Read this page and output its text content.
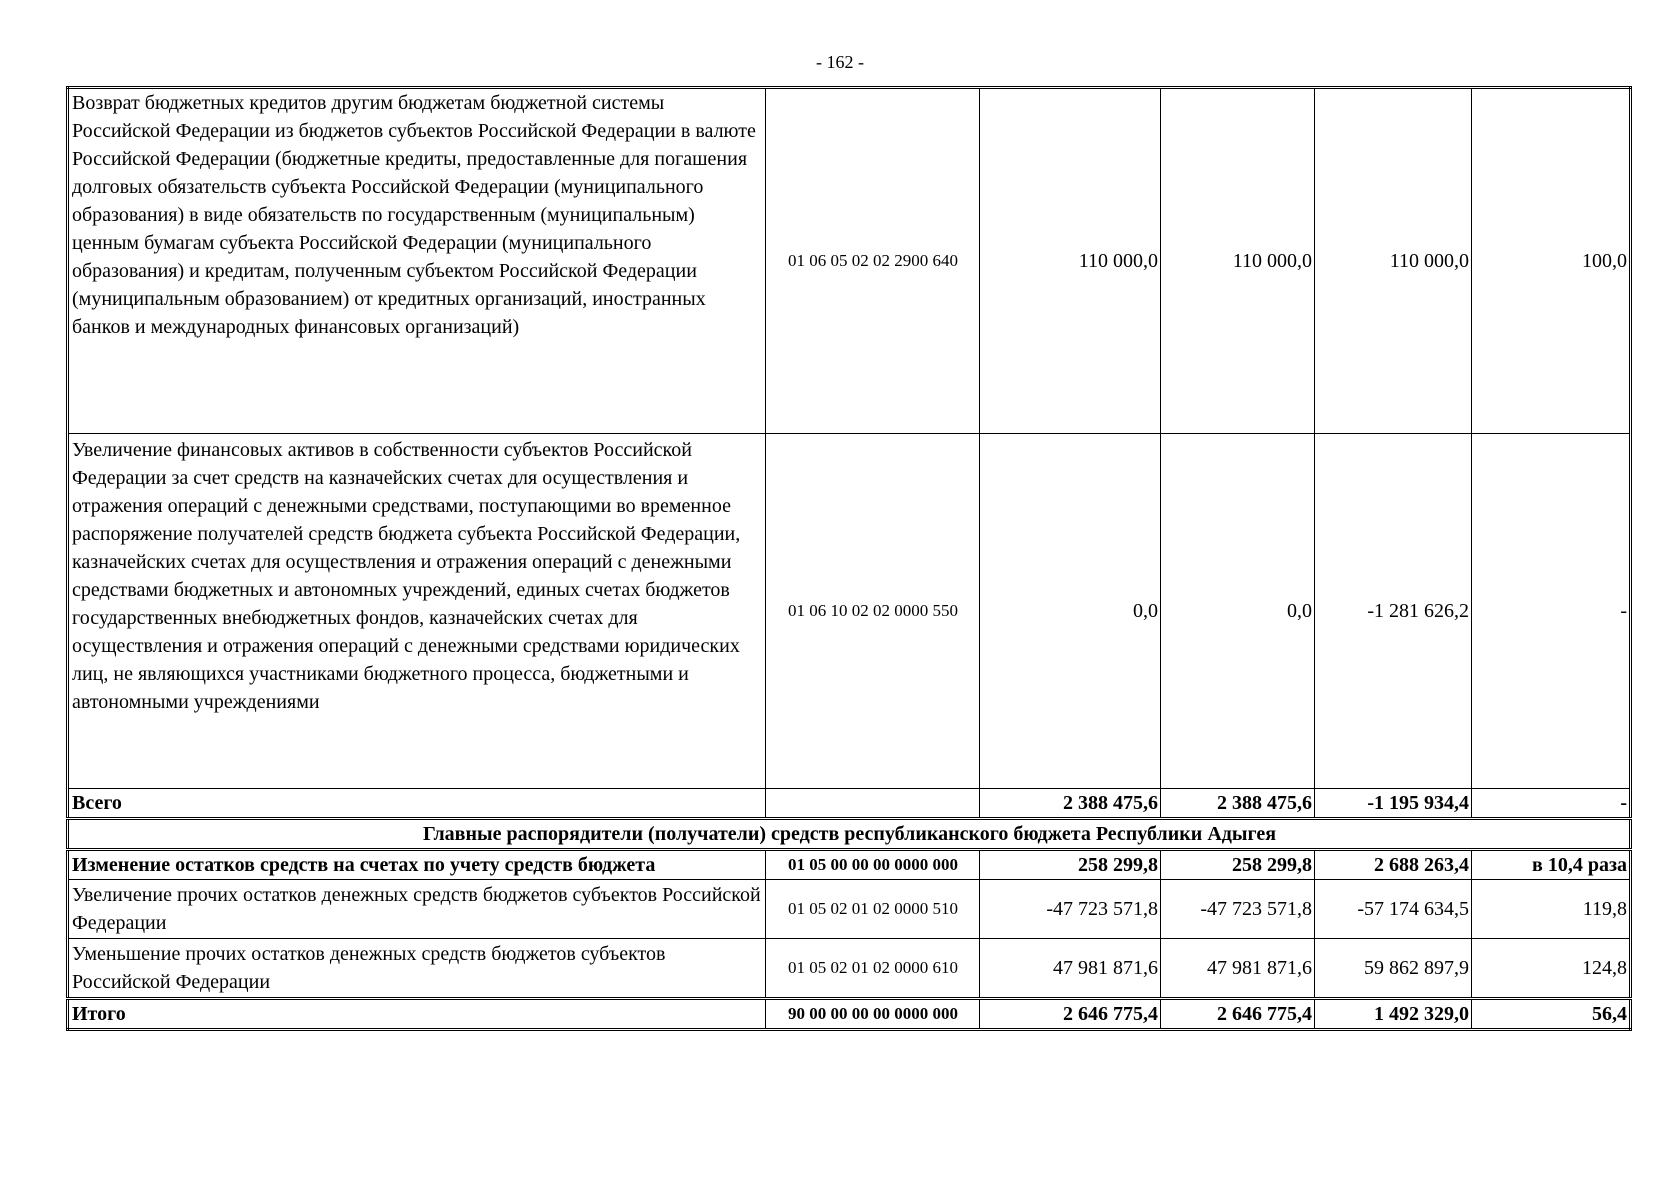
- 162 -
Возврат бюджетных кредитов другим бюджетам бюджетной системы Российской Федерации из бюджетов субъектов Российской Федерации в валюте Российской Федерации (бюджетные кредиты, предоставленные для погашения долговых обязательств субъекта Российской Федерации (муниципального образования) в виде обязательств по государственным (муниципальным) ценным бумагам субъекта Российской Федерации (муниципального образования) и кредитам, полученным субъектом Российской Федерации (муниципальным образованием) от кредитных организаций, иностранных банков и международных финансовых организаций)	01 06 05 02 02 2900 640	110 000,0	110 000,0	110 000,0	100,0
Увеличение финансовых активов в собственности субъектов Российской Федерации за счет средств на казначейских счетах для осуществления и отражения операций с денежными средствами, поступающими во временное распоряжение получателей средств бюджета субъекта Российской Федерации, казначейских счетах для осуществления и отражения операций с денежными средствами бюджетных и автономных учреждений, единых счетах бюджетов государственных внебюджетных фондов, казначейских счетах для осуществления и отражения операций с денежными средствами юридических лиц, не являющихся участниками бюджетного процесса, бюджетными и автономными учреждениями	01 06 10 02 02 0000 550	0,0	0,0	-1 281 626,2	-
Всего		2 388 475,6	2 388 475,6	-1 195 934,4	-
Главные распорядители (получатели) средств республиканского бюджета Республики Адыгея					
Изменение остатков средств на счетах по учету средств бюджета	01 05 00 00 00 0000 000	258 299,8	258 299,8	2 688 263,4	в 10,4 раза
Увеличение прочих остатков денежных средств бюджетов субъектов Российской Федерации	01 05 02 01 02 0000 510	-47 723 571,8	-47 723 571,8	-57 174 634,5	119,8
Уменьшение прочих остатков денежных средств бюджетов субъектов Российской Федерации	01 05 02 01 02 0000 610	47 981 871,6	47 981 871,6	59 862 897,9	124,8
Итого	90 00 00 00 00 0000 000	2 646 775,4	2 646 775,4	1 492 329,0	56,4
